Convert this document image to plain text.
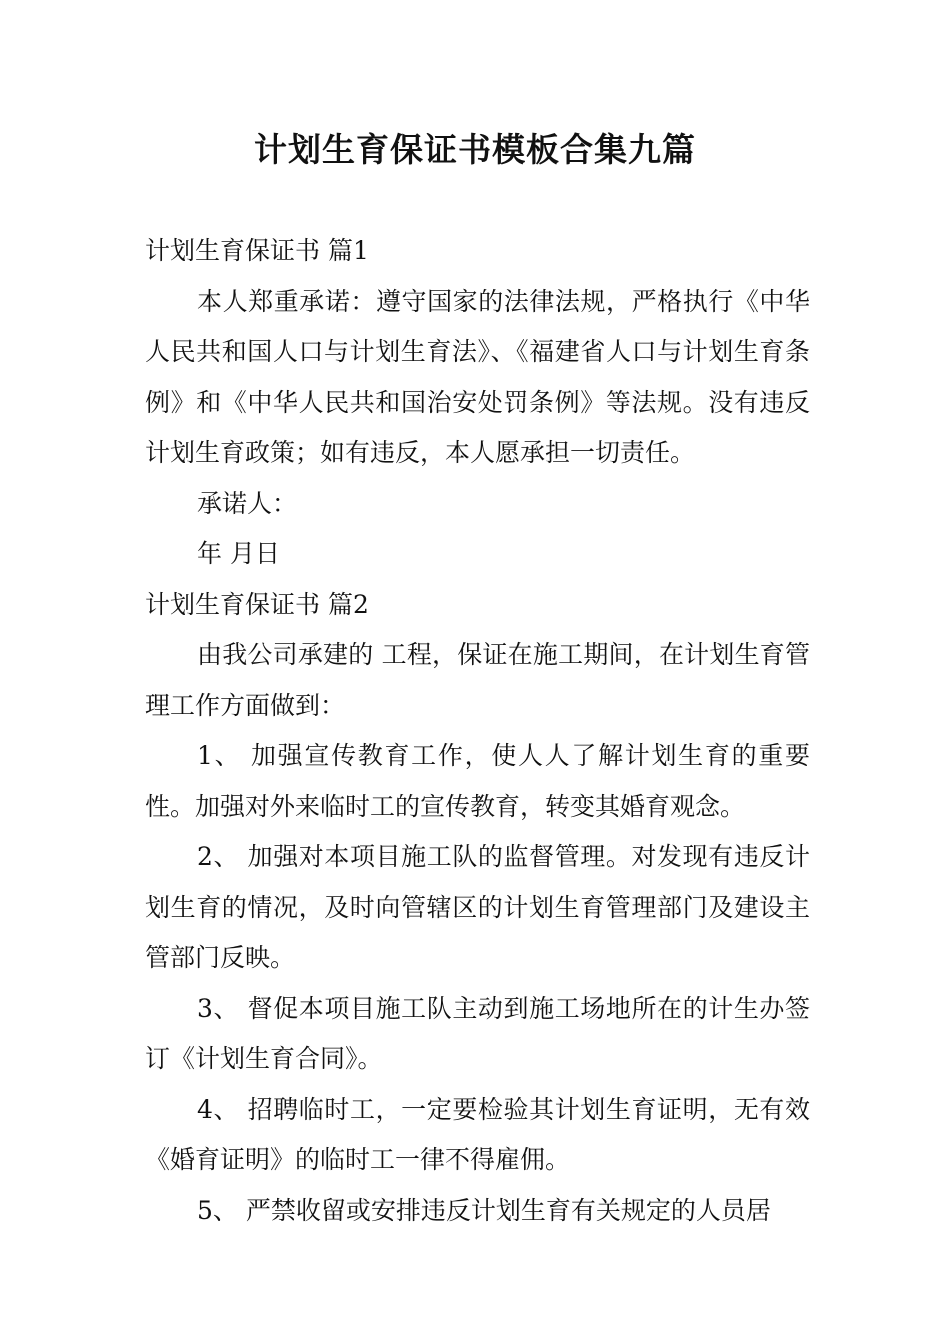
计划生育保证书模板合集九篇

计划生育保证书 篇1

本人郑重承诺：遵守国家的法律法规，严格执行《中华人民共和国人口与计划生育法》、《福建省人口与计划生育条例》和《中华人民共和国治安处罚条例》等法规。没有违反计划生育政策；如有违反，本人愿承担一切责任。

承诺人：

年 月日

计划生育保证书 篇2

由我公司承建的 工程，保证在施工期间，在计划生育管理工作方面做到：

1、 加强宣传教育工作，使人人了解计划生育的重要性。加强对外来临时工的宣传教育，转变其婚育观念。

2、 加强对本项目施工队的监督管理。对发现有违反计划生育的情况，及时向管辖区的计划生育管理部门及建设主管部门反映。

3、 督促本项目施工队主动到施工场地所在的计生办签订《计划生育合同》。

4、 招聘临时工，一定要检验其计划生育证明，无有效《婚育证明》的临时工一律不得雇佣。

5、 严禁收留或安排违反计划生育有关规定的人员居
